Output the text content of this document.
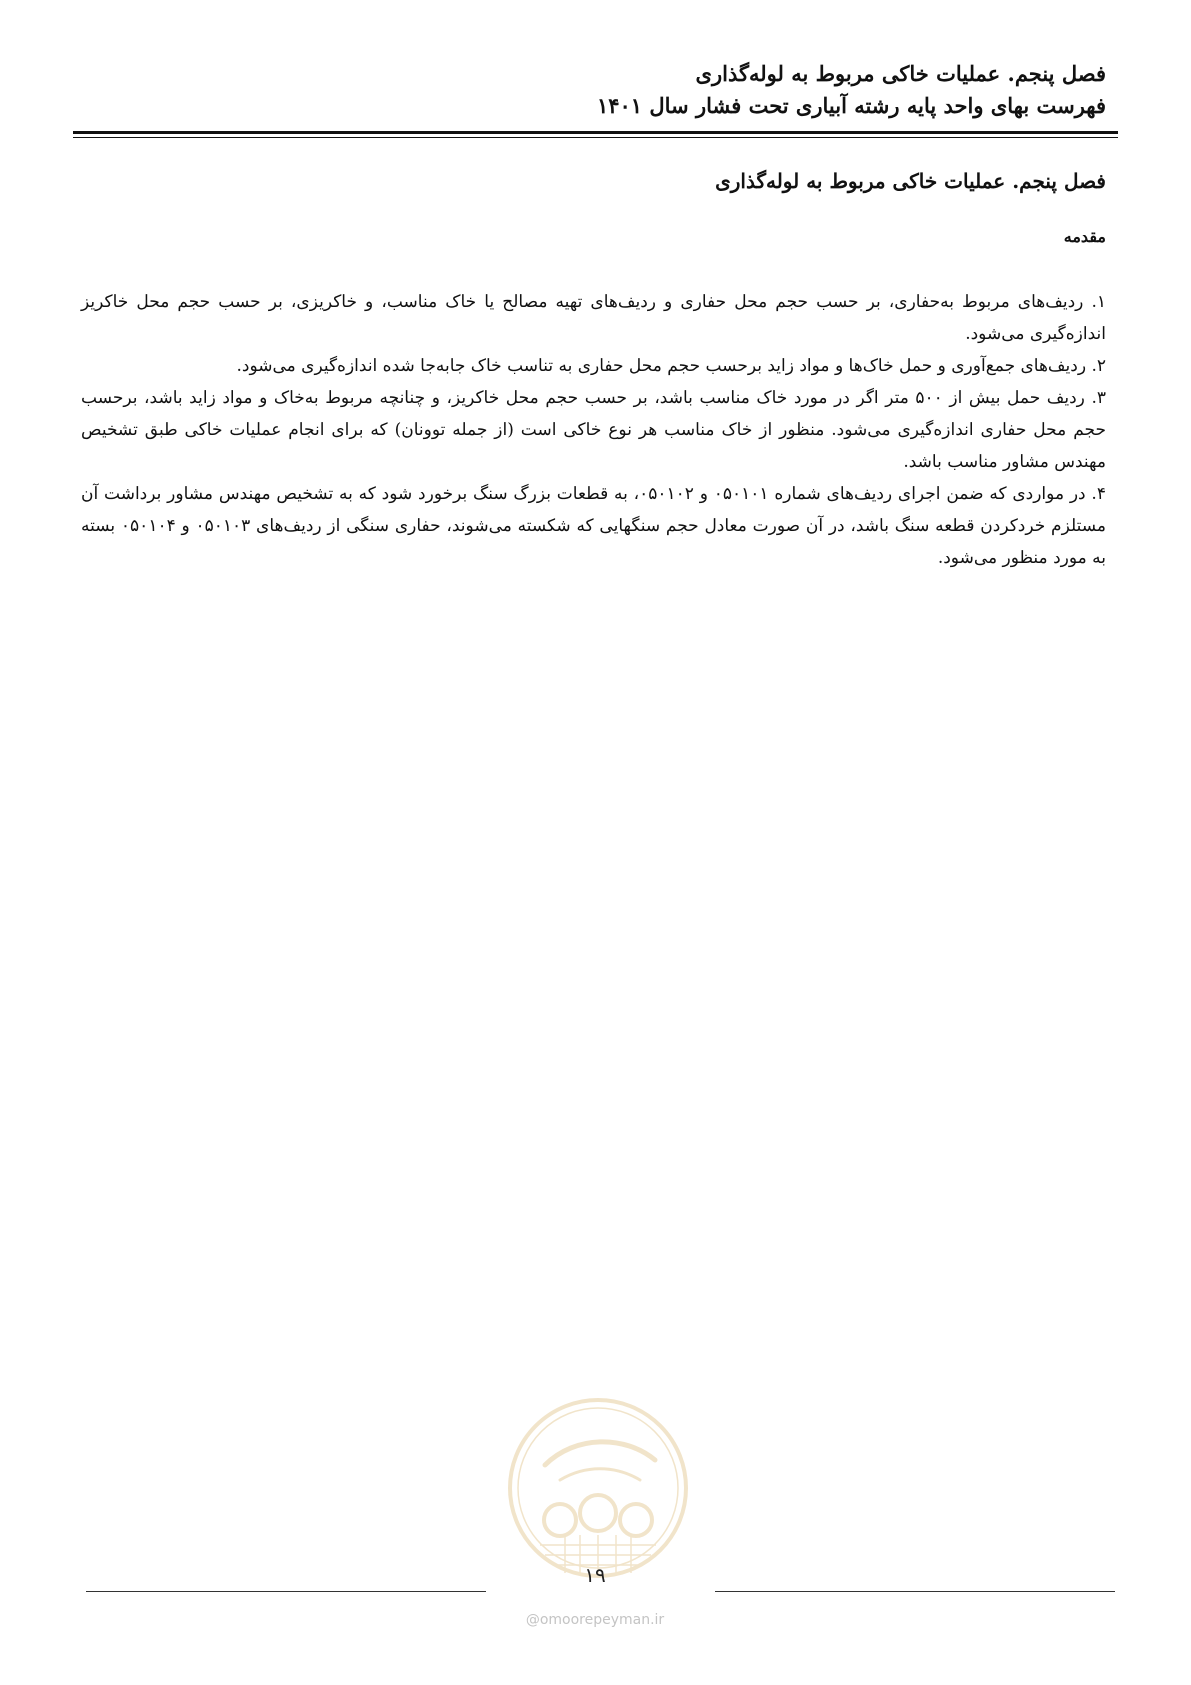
فصل پنجم. عملیات خاکی مربوط به لوله‌گذاری
فهرست بهای واحد پایه رشته آبیاری تحت فشار سال ۱۴۰۱
فصل پنجم. عملیات خاکی مربوط به لوله‌گذاری
مقدمه

۱. ردیف‌های مربوط به‌حفاری، بر حسب حجم محل حفاری و ردیف‌های تهیه مصالح یا خاک مناسب، و خاکریزی، بر حسب حجم محل خاکریز اندازه‌گیری می‌شود.

۲. ردیف‌های جمع‌آوری و حمل خاک‌ها و مواد زاید برحسب حجم محل حفاری به تناسب خاک جابه‌جا شده اندازه‌گیری می‌شود.

۳. ردیف حمل بیش از ۵۰۰ متر اگر در مورد خاک مناسب باشد، بر حسب حجم محل خاکریز، و چنانچه مربوط به‌خاک و مواد زاید باشد، برحسب حجم محل حفاری اندازه‌گیری می‌شود. منظور از خاک مناسب هر نوع خاکی است (از جمله توونان) که برای انجام عملیات خاکی طبق تشخیص مهندس مشاور مناسب باشد.

۴. در مواردی که ضمن اجرای ردیف‌های شماره ۰۵۰۱۰۱ و ۰۵۰۱۰۲، به قطعات بزرگ سنگ برخورد شود که به تشخیص مهندس مشاور برداشت آن مستلزم خردکردن قطعه سنگ باشد، در آن صورت معادل حجم سنگهایی که شکسته می‌شوند، حفاری سنگی از ردیف‌های ۰۵۰۱۰۳ و ۰۵۰۱۰۴ بسته به مورد منظور می‌شود.

۱۹
@omoorepeyman.ir
